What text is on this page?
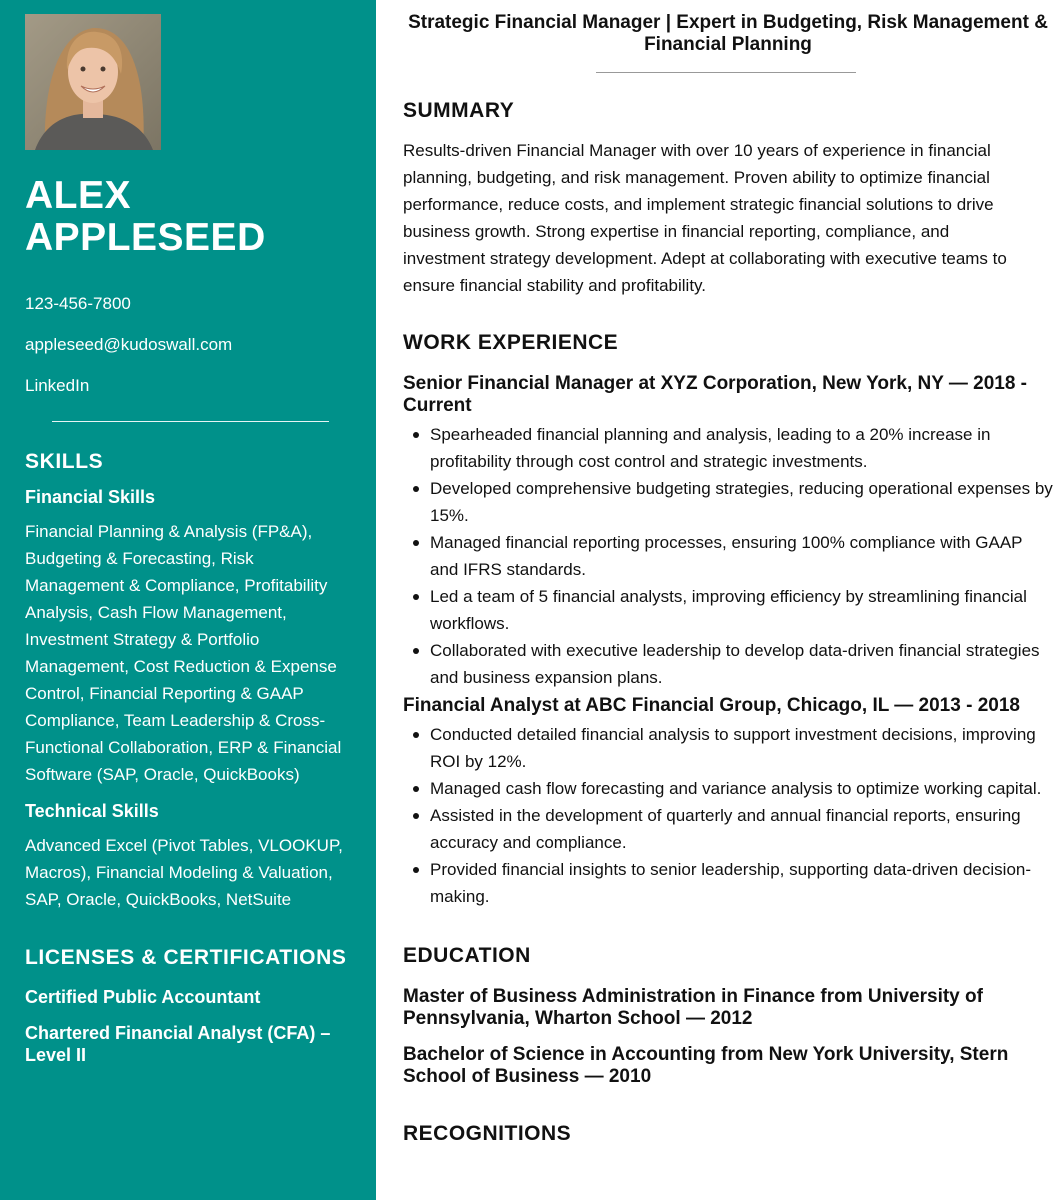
ALEX APPLESEED
123-456-7800
appleseed@kudoswall.com
LinkedIn
SKILLS
Financial Skills

Financial Planning & Analysis (FP&A), Budgeting & Forecasting, Risk Management & Compliance, Profitability Analysis, Cash Flow Management, Investment Strategy & Portfolio Management, Cost Reduction & Expense Control, Financial Reporting & GAAP Compliance, Team Leadership & Cross-Functional Collaboration, ERP & Financial Software (SAP, Oracle, QuickBooks)

Technical Skills

Advanced Excel (Pivot Tables, VLOOKUP, Macros), Financial Modeling & Valuation, SAP, Oracle, QuickBooks, NetSuite

LICENSES & CERTIFICATIONS
Certified Public Accountant
Chartered Financial Analyst (CFA) – Level II
Strategic Financial Manager | Expert in Budgeting, Risk Management & Financial Planning
SUMMARY

Results-driven Financial Manager with over 10 years of experience in financial planning, budgeting, and risk management. Proven ability to optimize financial performance, reduce costs, and implement strategic financial solutions to drive business growth. Strong expertise in financial reporting, compliance, and investment strategy development. Adept at collaborating with executive teams to ensure financial stability and profitability.

WORK EXPERIENCE
Senior Financial Manager at XYZ Corporation, New York, NY — 2018 - Current
Spearheaded financial planning and analysis, leading to a 20% increase in profitability through cost control and strategic investments.
Developed comprehensive budgeting strategies, reducing operational expenses by 15%.
Managed financial reporting processes, ensuring 100% compliance with GAAP and IFRS standards.
Led a team of 5 financial analysts, improving efficiency by streamlining financial workflows.
Collaborated with executive leadership to develop data-driven financial strategies and business expansion plans.
Financial Analyst at ABC Financial Group, Chicago, IL — 2013 - 2018
Conducted detailed financial analysis to support investment decisions, improving ROI by 12%.
Managed cash flow forecasting and variance analysis to optimize working capital.
Assisted in the development of quarterly and annual financial reports, ensuring accuracy and compliance.
Provided financial insights to senior leadership, supporting data-driven decision-making.
EDUCATION
Master of Business Administration in Finance from University of Pennsylvania, Wharton School — 2012
Bachelor of Science in Accounting from New York University, Stern School of Business — 2010
RECOGNITIONS
